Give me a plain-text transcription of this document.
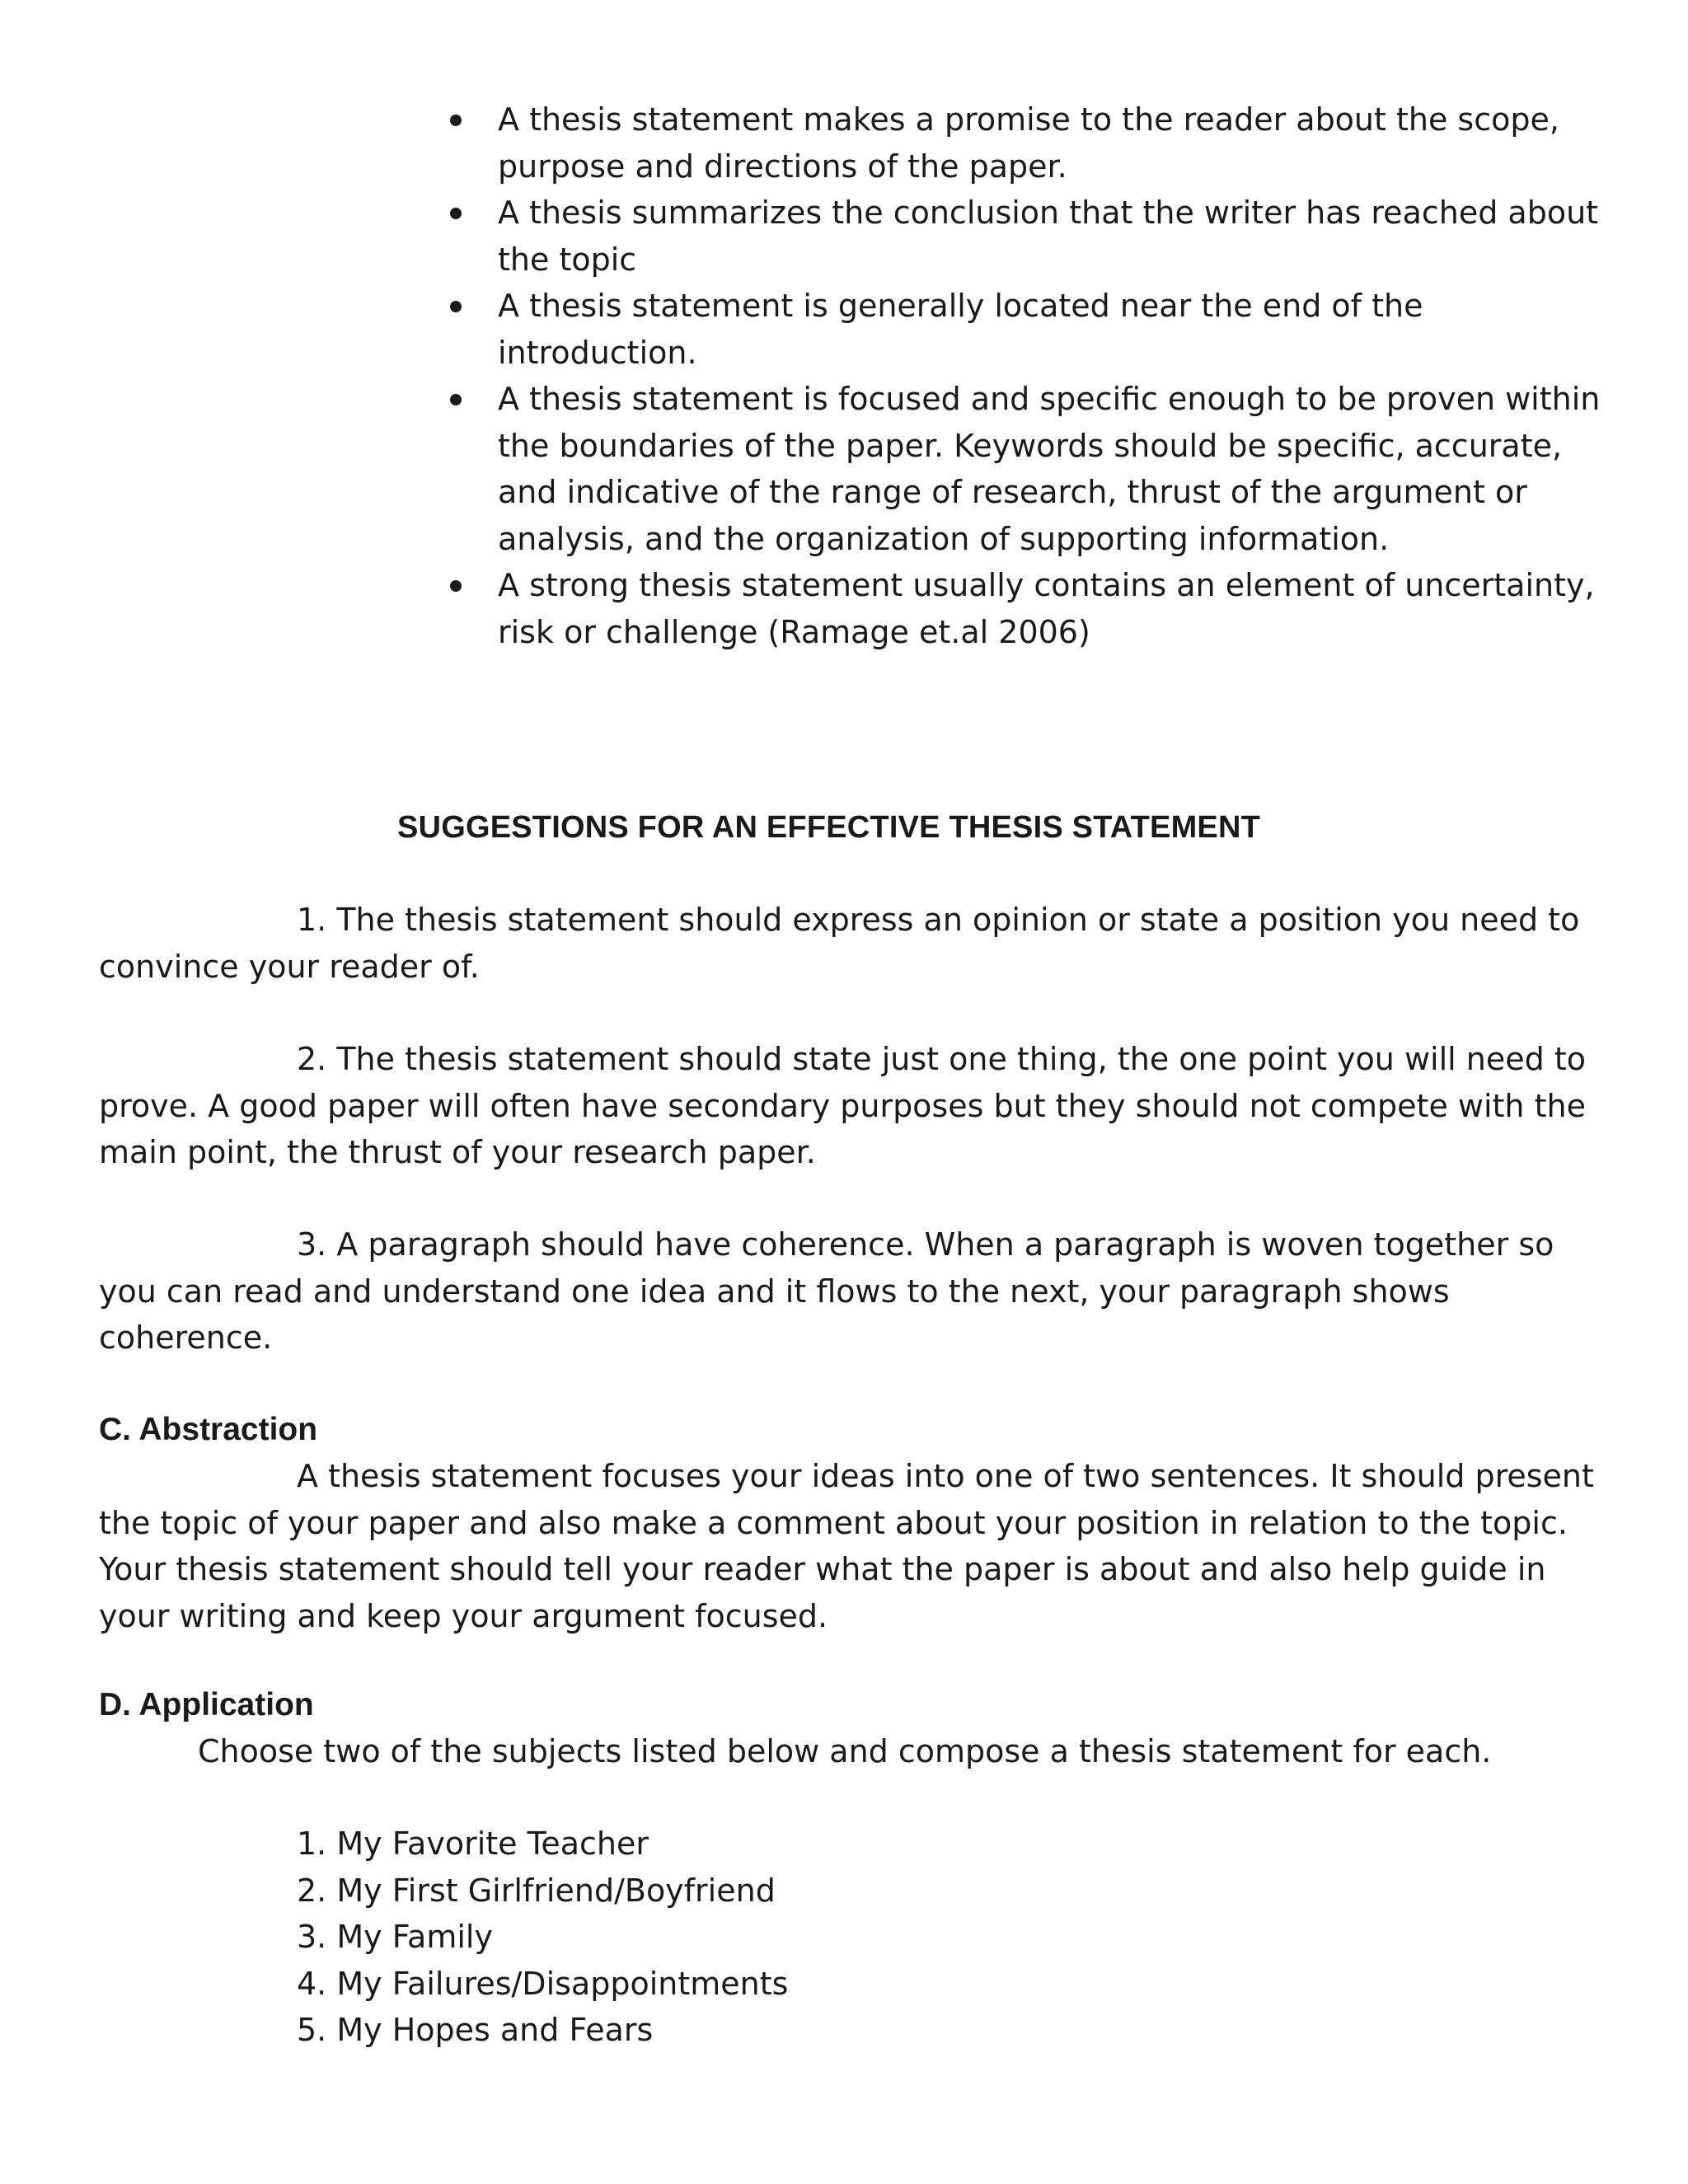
A thesis statement makes a promise to the reader about the scope, purpose and directions of the paper.
A thesis summarizes the conclusion that the writer has reached about the topic
A thesis statement is generally located near the end of the introduction.
A thesis statement is focused and specific enough to be proven within the boundaries of the paper. Keywords should be specific, accurate, and indicative of the range of research, thrust of the argument or analysis, and the organization of supporting information.
A strong thesis statement usually contains an element of uncertainty, risk or challenge (Ramage et.al 2006)
SUGGESTIONS FOR AN EFFECTIVE THESIS STATEMENT

1. The thesis statement should express an opinion or state a position you need to convince your reader of.

2. The thesis statement should state just one thing, the one point you will need to prove. A good paper will often have secondary purposes but they should not compete with the main point, the thrust of your research paper.

3. A paragraph should have coherence. When a paragraph is woven together so you can read and understand one idea and it flows to the next, your paragraph shows coherence.

C. Abstraction

A thesis statement focuses your ideas into one of two sentences. It should present the topic of your paper and also make a comment about your position in relation to the topic. Your thesis statement should tell your reader what the paper is about and also help guide in your writing and keep your argument focused.

D. Application

Choose two of the subjects listed below and compose a thesis statement for each.

1. My Favorite Teacher
2. My First Girlfriend/Boyfriend
3. My Family
4. My Failures/Disappointments
5. My Hopes and Fears
